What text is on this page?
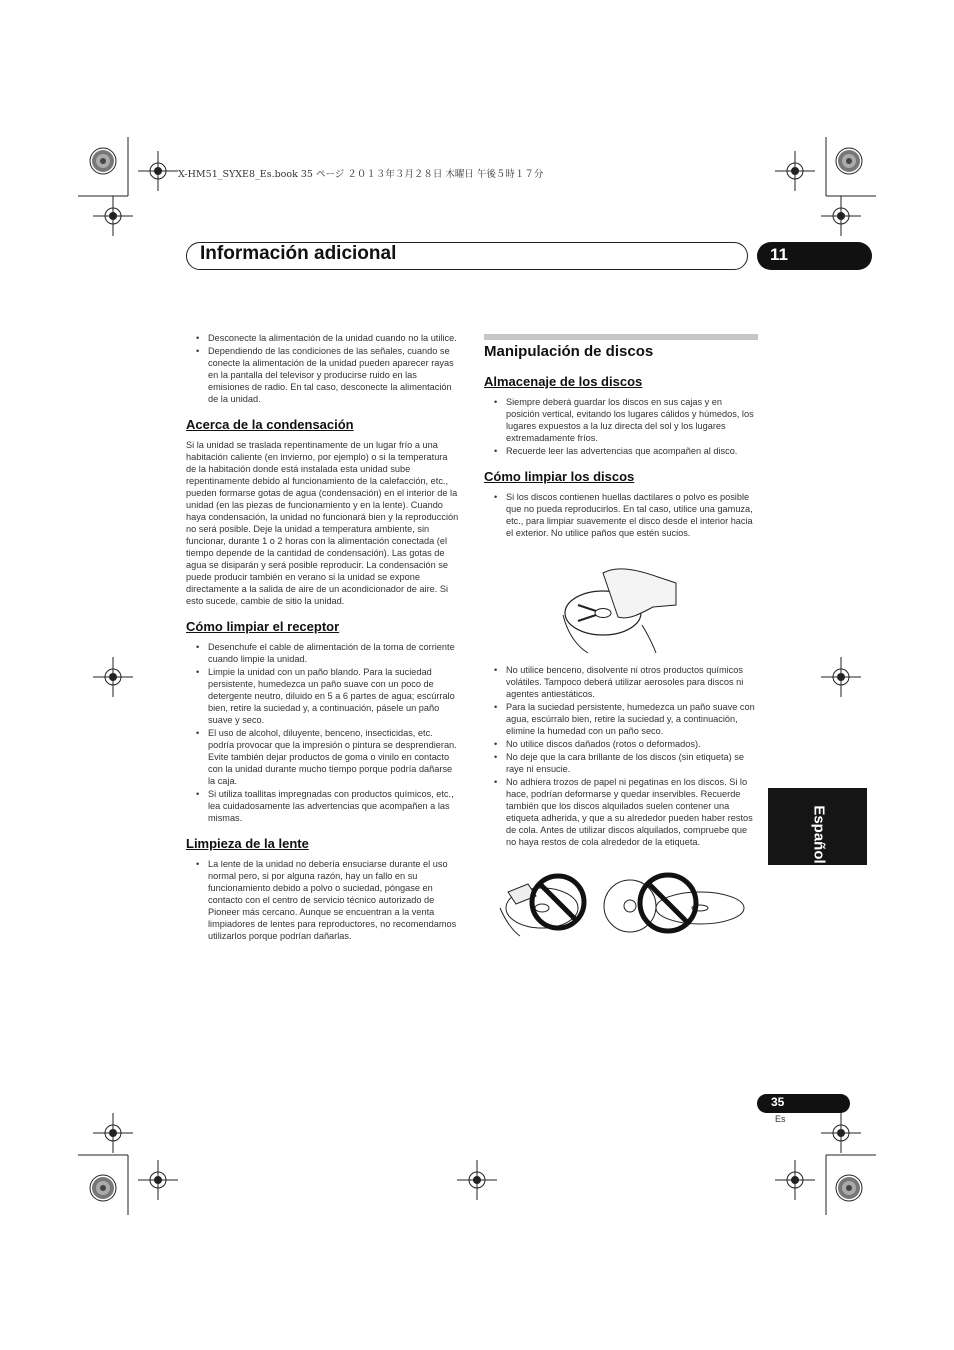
X-HM51_SYXE8_Es.book 35 ページ ２０１３年３月２８日 木曜日 午後５時１７分
Información adicional	11
• Desconecte la alimentación de la unidad cuando no la utilice.
• Dependiendo de las condiciones de las señales, cuando se conecte la alimentación de la unidad pueden aparecer rayas en la pantalla del televisor y producirse ruido en las emisiones de radio. En tal caso, desconecte la alimentación de la unidad.
Acerca de la condensación

Si la unidad se traslada repentinamente de un lugar frío a una habitación caliente (en invierno, por ejemplo) o si la temperatura de la habitación donde está instalada esta unidad sube repentinamente debido al funcionamiento de la calefacción, etc., pueden formarse gotas de agua (condensación) en el interior de la unidad (en las piezas de funcionamiento y en la lente). Cuando haya condensación, la unidad no funcionará bien y la reproducción no será posible. Deje la unidad a temperatura ambiente, sin funcionar, durante 1 o 2 horas con la alimentación conectada (el tiempo depende de la cantidad de condensación). Las gotas de agua se disiparán y será posible reproducir. La condensación se puede producir también en verano si la unidad se expone directamente a la salida de aire de un acondicionador de aire. Si esto sucede, cambie de sitio la unidad.

Cómo limpiar el receptor
• Desenchufe el cable de alimentación de la toma de corriente cuando limpie la unidad.
• Limpie la unidad con un paño blando. Para la suciedad persistente, humedezca un paño suave con un poco de detergente neutro, diluido en 5 a 6 partes de agua; escúrralo bien, retire la suciedad y, a continuación, pásele un paño suave y seco.
• El uso de alcohol, diluyente, benceno, insecticidas, etc. podría provocar que la impresión o pintura se desprendieran. Evite también dejar productos de goma o vinilo en contacto con la unidad durante mucho tiempo porque podría dañarse la caja.
• Si utiliza toallitas impregnadas con productos químicos, etc., lea cuidadosamente las advertencias que acompañen a las mismas.
Limpieza de la lente
• La lente de la unidad no debería ensuciarse durante el uso normal pero, si por alguna razón, hay un fallo en su funcionamiento debido a polvo o suciedad, póngase en contacto con el centro de servicio técnico autorizado de Pioneer más cercano. Aunque se encuentran a la venta limpiadores de lentes para reproductores, no recomendamos utilizarlos porque podrían dañarlas.
Manipulación de discos
Almacenaje de los discos
• Siempre deberá guardar los discos en sus cajas y en posición vertical, evitando los lugares cálidos y húmedos, los lugares expuestos a la luz directa del sol y los lugares extremadamente fríos.
• Recuerde leer las advertencias que acompañen al disco.
Cómo limpiar los discos
• Si los discos contienen huellas dactilares o polvo es posible que no pueda reproducirlos. En tal caso, utilice una gamuza, etc., para limpiar suavemente el disco desde el interior hacia el exterior. No utilice paños que estén sucios.
• No utilice benceno, disolvente ni otros productos químicos volátiles. Tampoco deberá utilizar aerosoles para discos ni agentes antiestáticos.
• Para la suciedad persistente, humedezca un paño suave con agua, escúrralo bien, retire la suciedad y, a continuación, elimine la humedad con un paño seco.
• No utilice discos dañados (rotos o deformados).
• No deje que la cara brillante de los discos (sin etiqueta) se raye ni ensucie.
• No adhiera trozos de papel ni pegatinas en los discos. Si lo hace, podrían deformarse y quedar inservibles. Recuerde también que los discos alquilados suelen contener una etiqueta adherida, y que a su alrededor pueden haber restos de cola. Antes de utilizar discos alquilados, compruebe que no haya restos de cola alrededor de la etiqueta.	Español
35
Es
